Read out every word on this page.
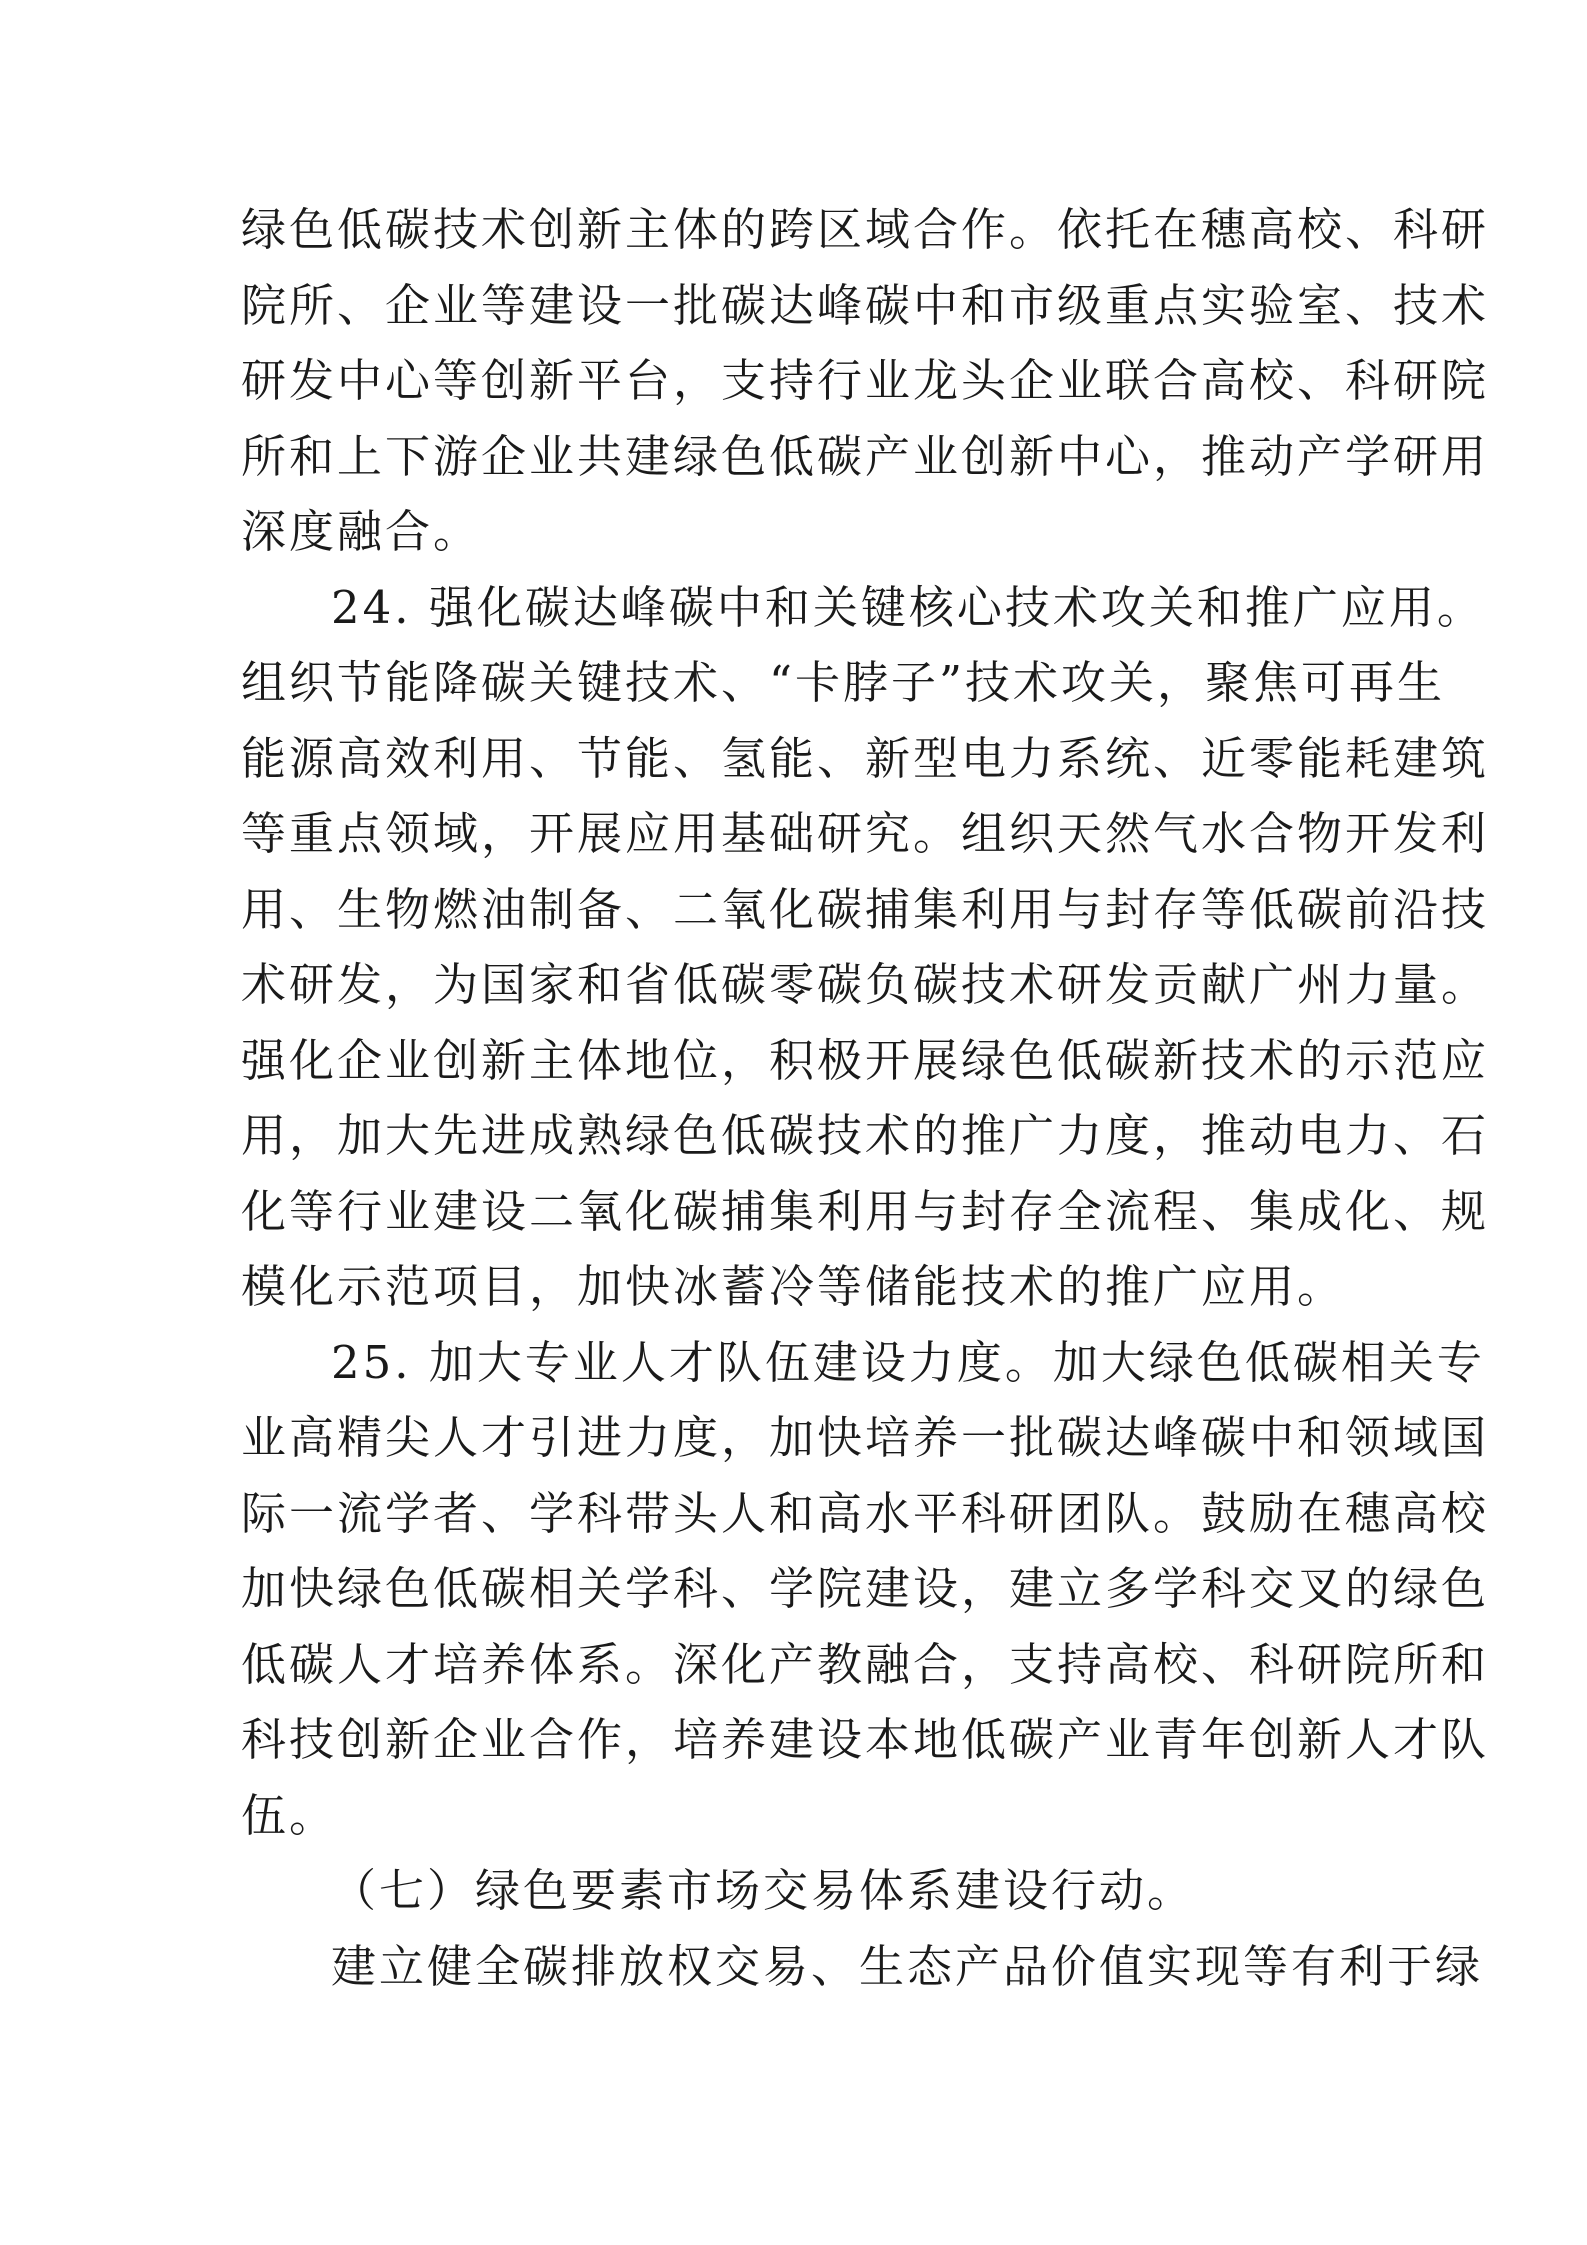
绿色低碳技术创新主体的跨区域合作。依托在穗高校、科研
院所、企业等建设一批碳达峰碳中和市级重点实验室、技术
研发中心等创新平台，支持行业龙头企业联合高校、科研院
所和上下游企业共建绿色低碳产业创新中心，推动产学研用
深度融合。

24. 强化碳达峰碳中和关键核心技术攻关和推广应用。
组织节能降碳关键技术、“卡脖子”技术攻关，聚焦可再生
能源高效利用、节能、氢能、新型电力系统、近零能耗建筑
等重点领域，开展应用基础研究。组织天然气水合物开发利
用、生物燃油制备、二氧化碳捕集利用与封存等低碳前沿技
术研发，为国家和省低碳零碳负碳技术研发贡献广州力量。
强化企业创新主体地位，积极开展绿色低碳新技术的示范应
用，加大先进成熟绿色低碳技术的推广力度，推动电力、石
化等行业建设二氧化碳捕集利用与封存全流程、集成化、规
模化示范项目，加快冰蓄冷等储能技术的推广应用。

25. 加大专业人才队伍建设力度。加大绿色低碳相关专
业高精尖人才引进力度，加快培养一批碳达峰碳中和领域国
际一流学者、学科带头人和高水平科研团队。鼓励在穗高校
加快绿色低碳相关学科、学院建设，建立多学科交叉的绿色
低碳人才培养体系。深化产教融合，支持高校、科研院所和
科技创新企业合作，培养建设本地低碳产业青年创新人才队
伍。

（七）绿色要素市场交易体系建设行动。

建立健全碳排放权交易、生态产品价值实现等有利于绿
